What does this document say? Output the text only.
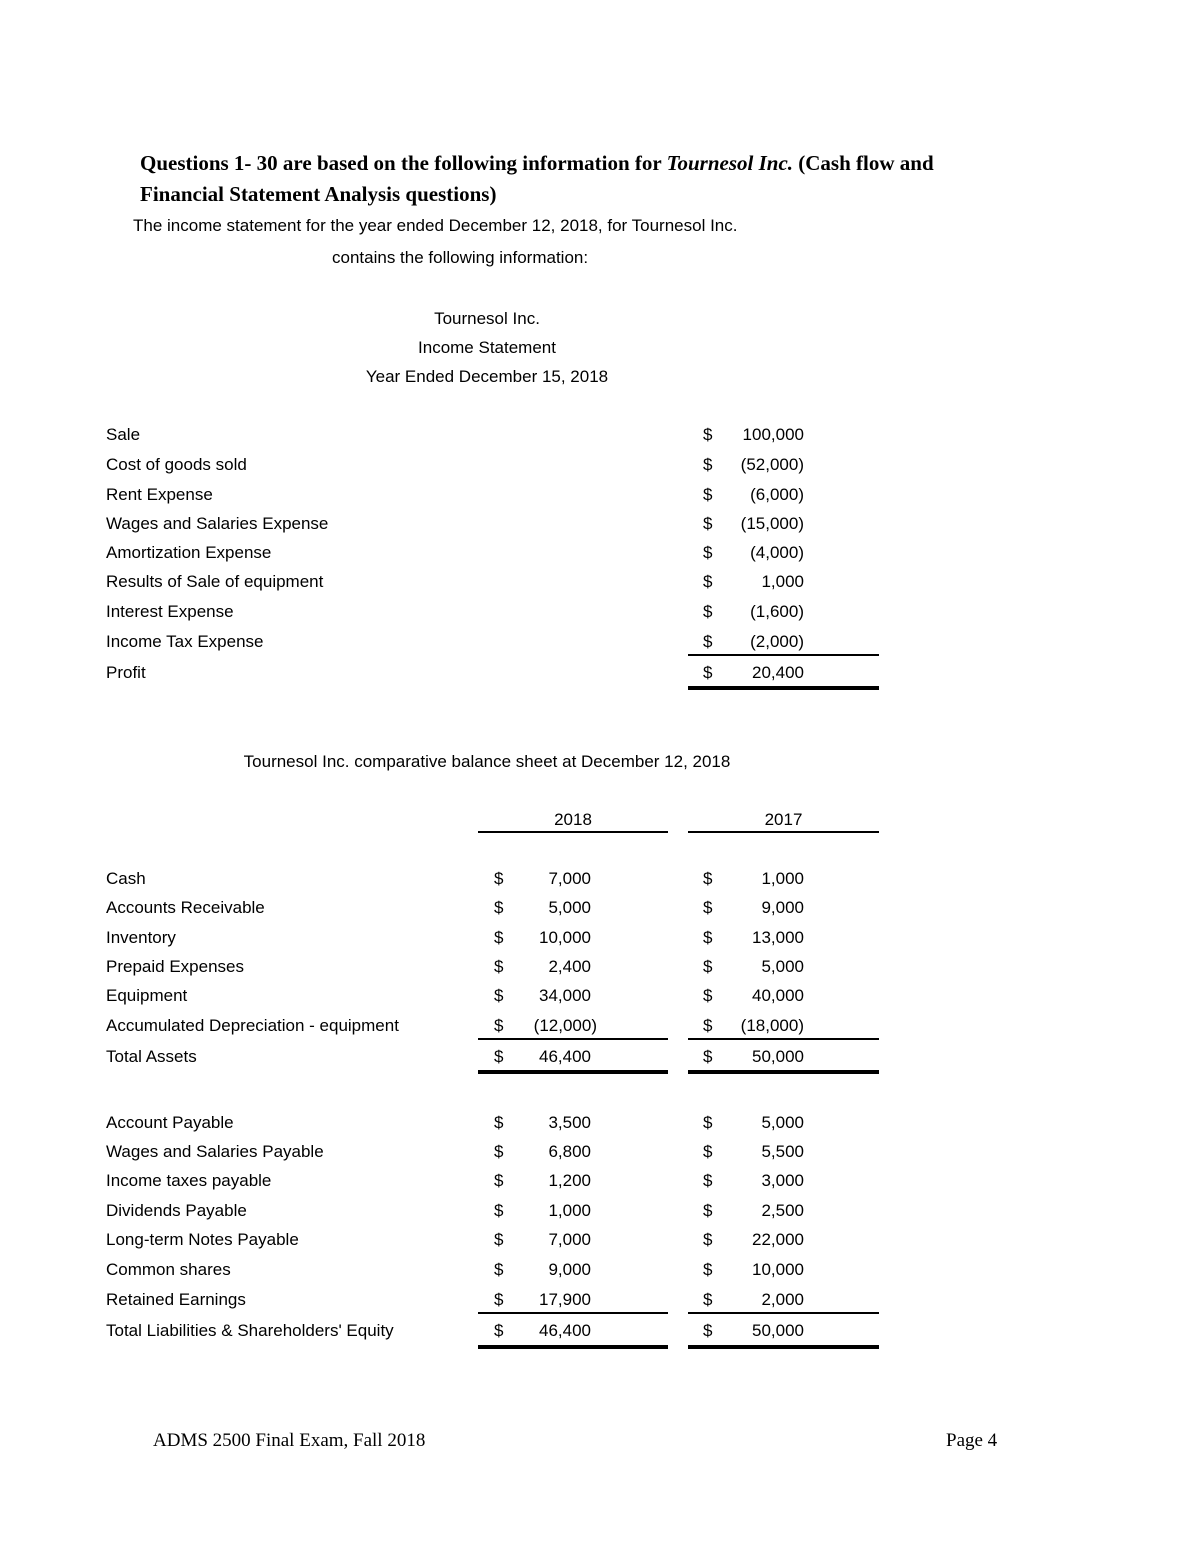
Questions 1- 30 are based on the following information for Tournesol Inc. (Cash flow and
Financial Statement Analysis questions)
The income statement for the year ended December 12, 2018, for Tournesol Inc.
contains the following information:
Tournesol Inc.
Income Statement
Year Ended December 15, 2018
Sale	$	100,000
Cost of goods sold	$	(52,000)
Rent Expense	$	(6,000)
Wages and Salaries Expense	$	(15,000)
Amortization Expense	$	(4,000)
Results of Sale of equipment	$	1,000
Interest Expense	$	(1,600)
Income Tax Expense	$	(2,000)
Profit	$	20,400
Tournesol Inc. comparative balance sheet at December 12, 2018
2018	2017
Cash	$	7,000	$	1,000
Accounts Receivable	$	5,000	$	9,000
Inventory	$	10,000	$	13,000
Prepaid Expenses	$	2,400	$	5,000
Equipment	$	34,000	$	40,000
Accumulated Depreciation - equipment	$	(12,000)	$	(18,000)
Total Assets	$	46,400	$	50,000
Account Payable	$	3,500	$	5,000
Wages and Salaries Payable	$	6,800	$	5,500
Income taxes payable	$	1,200	$	3,000
Dividends Payable	$	1,000	$	2,500
Long-term Notes Payable	$	7,000	$	22,000
Common shares	$	9,000	$	10,000
Retained Earnings	$	17,900	$	2,000
Total Liabilities & Shareholders' Equity	$	46,400	$	50,000
ADMS 2500 Final Exam, Fall 2018	Page 4
